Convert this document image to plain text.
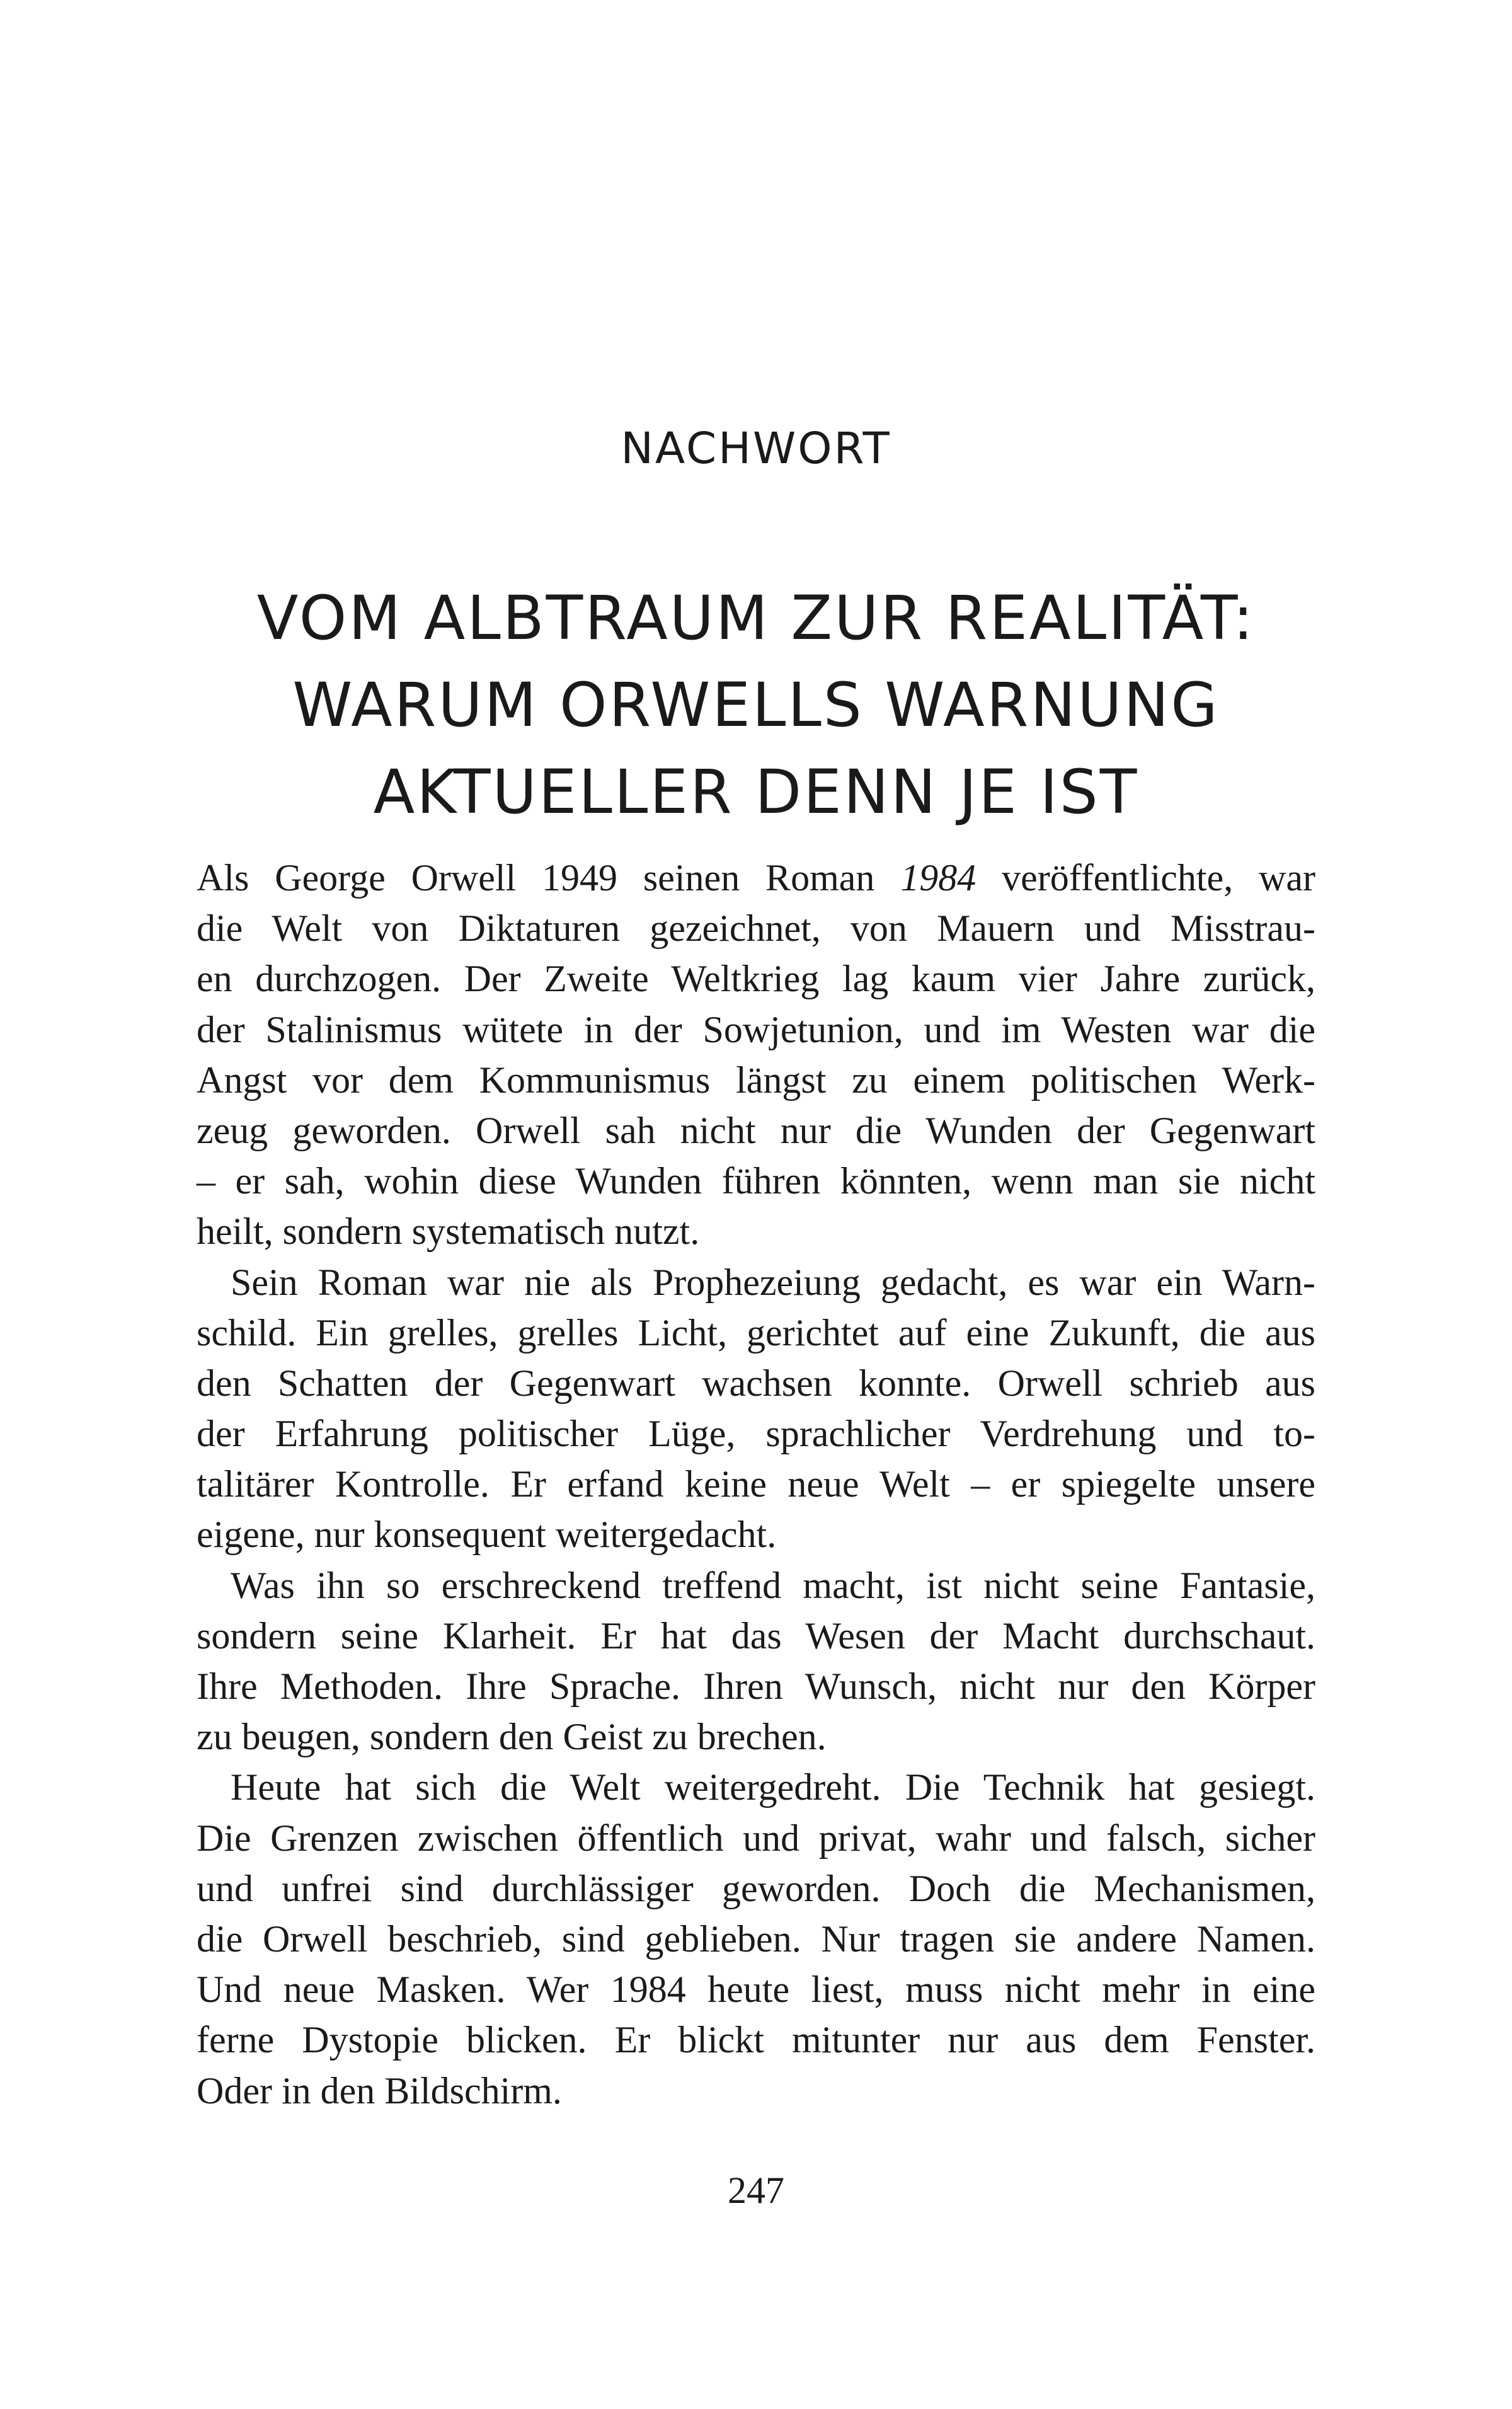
NACHWORT
VOM ALBTRAUM ZUR REALITÄT:
WARUM ORWELLS WARNUNG
AKTUELLER DENN JE IST

Als George Orwell 1949 seinen Roman 1984 veröffentlichte, war
die Welt von Diktaturen gezeichnet, von Mauern und Misstrau-
en durchzogen. Der Zweite Weltkrieg lag kaum vier Jahre zurück,
der Stalinismus wütete in der Sowjetunion, und im Westen war die
Angst vor dem Kommunismus längst zu einem politischen Werk-
zeug geworden. Orwell sah nicht nur die Wunden der Gegenwart
– er sah, wohin diese Wunden führen könnten, wenn man sie nicht
heilt, sondern systematisch nutzt.

Sein Roman war nie als Prophezeiung gedacht, es war ein Warn-
schild. Ein grelles, grelles Licht, gerichtet auf eine Zukunft, die aus
den Schatten der Gegenwart wachsen konnte. Orwell schrieb aus
der Erfahrung politischer Lüge, sprachlicher Verdrehung und to-
talitärer Kontrolle. Er erfand keine neue Welt – er spiegelte unsere
eigene, nur konsequent weitergedacht.

Was ihn so erschreckend treffend macht, ist nicht seine Fantasie,
sondern seine Klarheit. Er hat das Wesen der Macht durchschaut.
Ihre Methoden. Ihre Sprache. Ihren Wunsch, nicht nur den Körper
zu beugen, sondern den Geist zu brechen.

Heute hat sich die Welt weitergedreht. Die Technik hat gesiegt.
Die Grenzen zwischen öffentlich und privat, wahr und falsch, sicher
und unfrei sind durchlässiger geworden. Doch die Mechanismen,
die Orwell beschrieb, sind geblieben. Nur tragen sie andere Namen.
Und neue Masken. Wer 1984 heute liest, muss nicht mehr in eine
ferne Dystopie blicken. Er blickt mitunter nur aus dem Fenster.
Oder in den Bildschirm.

247
